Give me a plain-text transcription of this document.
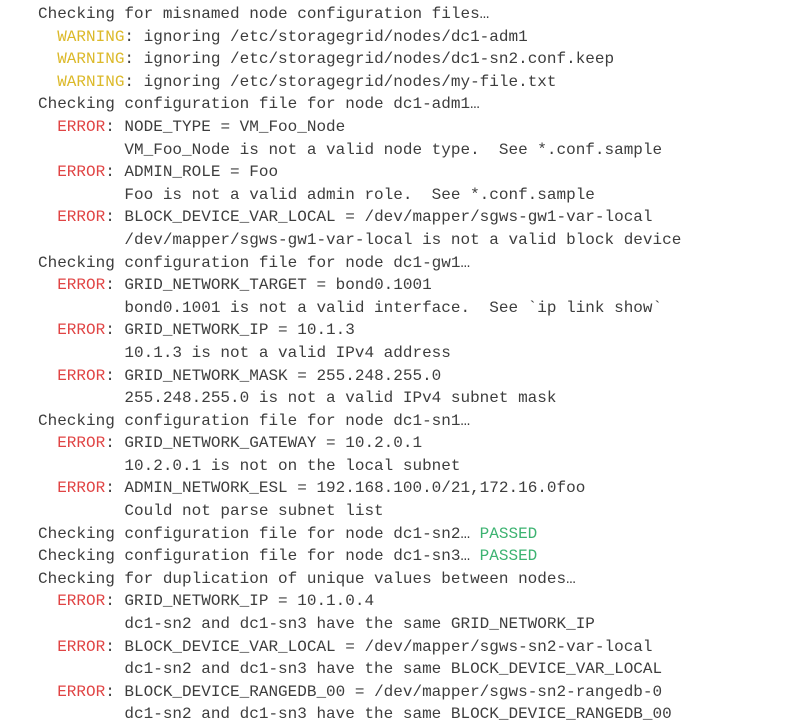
Checking for misnamed node configuration files…
WARNING: ignoring /etc/storagegrid/nodes/dc1-adm1
WARNING: ignoring /etc/storagegrid/nodes/dc1-sn2.conf.keep
WARNING: ignoring /etc/storagegrid/nodes/my-file.txt
Checking configuration file for node dc1-adm1…
ERROR: NODE_TYPE = VM_Foo_Node
VM_Foo_Node is not a valid node type.  See *.conf.sample
ERROR: ADMIN_ROLE = Foo
Foo is not a valid admin role.  See *.conf.sample
ERROR: BLOCK_DEVICE_VAR_LOCAL = /dev/mapper/sgws-gw1-var-local
/dev/mapper/sgws-gw1-var-local is not a valid block device
Checking configuration file for node dc1-gw1…
ERROR: GRID_NETWORK_TARGET = bond0.1001
bond0.1001 is not a valid interface.  See `ip link show`
ERROR: GRID_NETWORK_IP = 10.1.3
10.1.3 is not a valid IPv4 address
ERROR: GRID_NETWORK_MASK = 255.248.255.0
255.248.255.0 is not a valid IPv4 subnet mask
Checking configuration file for node dc1-sn1…
ERROR: GRID_NETWORK_GATEWAY = 10.2.0.1
10.2.0.1 is not on the local subnet
ERROR: ADMIN_NETWORK_ESL = 192.168.100.0/21,172.16.0foo
Could not parse subnet list
Checking configuration file for node dc1-sn2… PASSED
Checking configuration file for node dc1-sn3… PASSED
Checking for duplication of unique values between nodes…
ERROR: GRID_NETWORK_IP = 10.1.0.4
dc1-sn2 and dc1-sn3 have the same GRID_NETWORK_IP
ERROR: BLOCK_DEVICE_VAR_LOCAL = /dev/mapper/sgws-sn2-var-local
dc1-sn2 and dc1-sn3 have the same BLOCK_DEVICE_VAR_LOCAL
ERROR: BLOCK_DEVICE_RANGEDB_00 = /dev/mapper/sgws-sn2-rangedb-0
dc1-sn2 and dc1-sn3 have the same BLOCK_DEVICE_RANGEDB_00
